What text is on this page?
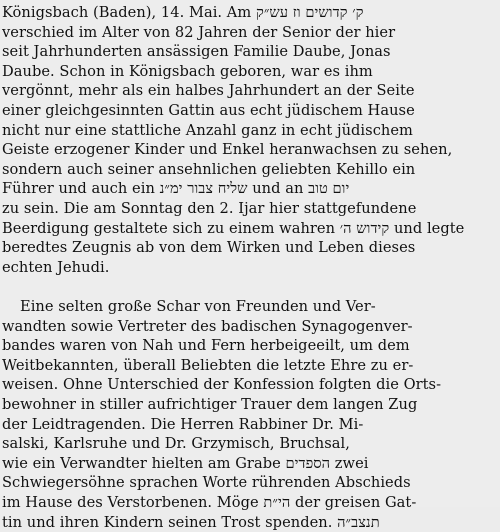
Königsbach (Baden), 14. Mai. Am ק׳ קדושים וז עש״ק
verschied im Alter von 82 Jahren der Senior der hier
seit Jahrhunderten ansässigen Familie Daube, Jonas
Daube. Schon in Königsbach geboren, war es ihm
vergönnt, mehr als ein halbes Jahrhundert an der Seite
einer gleichgesinnten Gattin aus echt jüdischem Hause
nicht nur eine stattliche Anzahl ganz in echt jüdischem
Geiste erzogener Kinder und Enkel heranwachsen zu sehen,
sondern auch seiner ansehnlichen geliebten Kehillo ein
Führer und auch ein שליח צבור ימ״נ und an יום טוב
zu sein. Die am Sonntag den 2. Ijar hier stattgefundene
Beerdigung gestaltete sich zu einem wahren קידוש ה׳ und legte
beredtes Zeugnis ab von dem Wirken und Leben dieses
echten Jehudi.
Eine selten große Schar von Freunden und Ver-
wandten sowie Vertreter des badischen Synagogenver-
bandes waren von Nah und Fern herbeigeeilt, um dem
Weitbekannten, überall Beliebten die letzte Ehre zu er-
weisen. Ohne Unterschied der Konfession folgten die Orts-
bewohner in stiller aufrichtiger Trauer dem langen Zug
der Leidtragenden. Die Herren Rabbiner Dr. Mi-
salski, Karlsruhe und Dr. Grzymisch, Bruchsal,
wie ein Verwandter hielten am Grabe הספדים zwei
Schwiegersöhne sprachen Worte rührenden Abschieds
im Hause des Verstorbenen. Möge הי״ת der greisen Gat-
tin und ihren Kindern seinen Trost spenden. תנצב״ה
